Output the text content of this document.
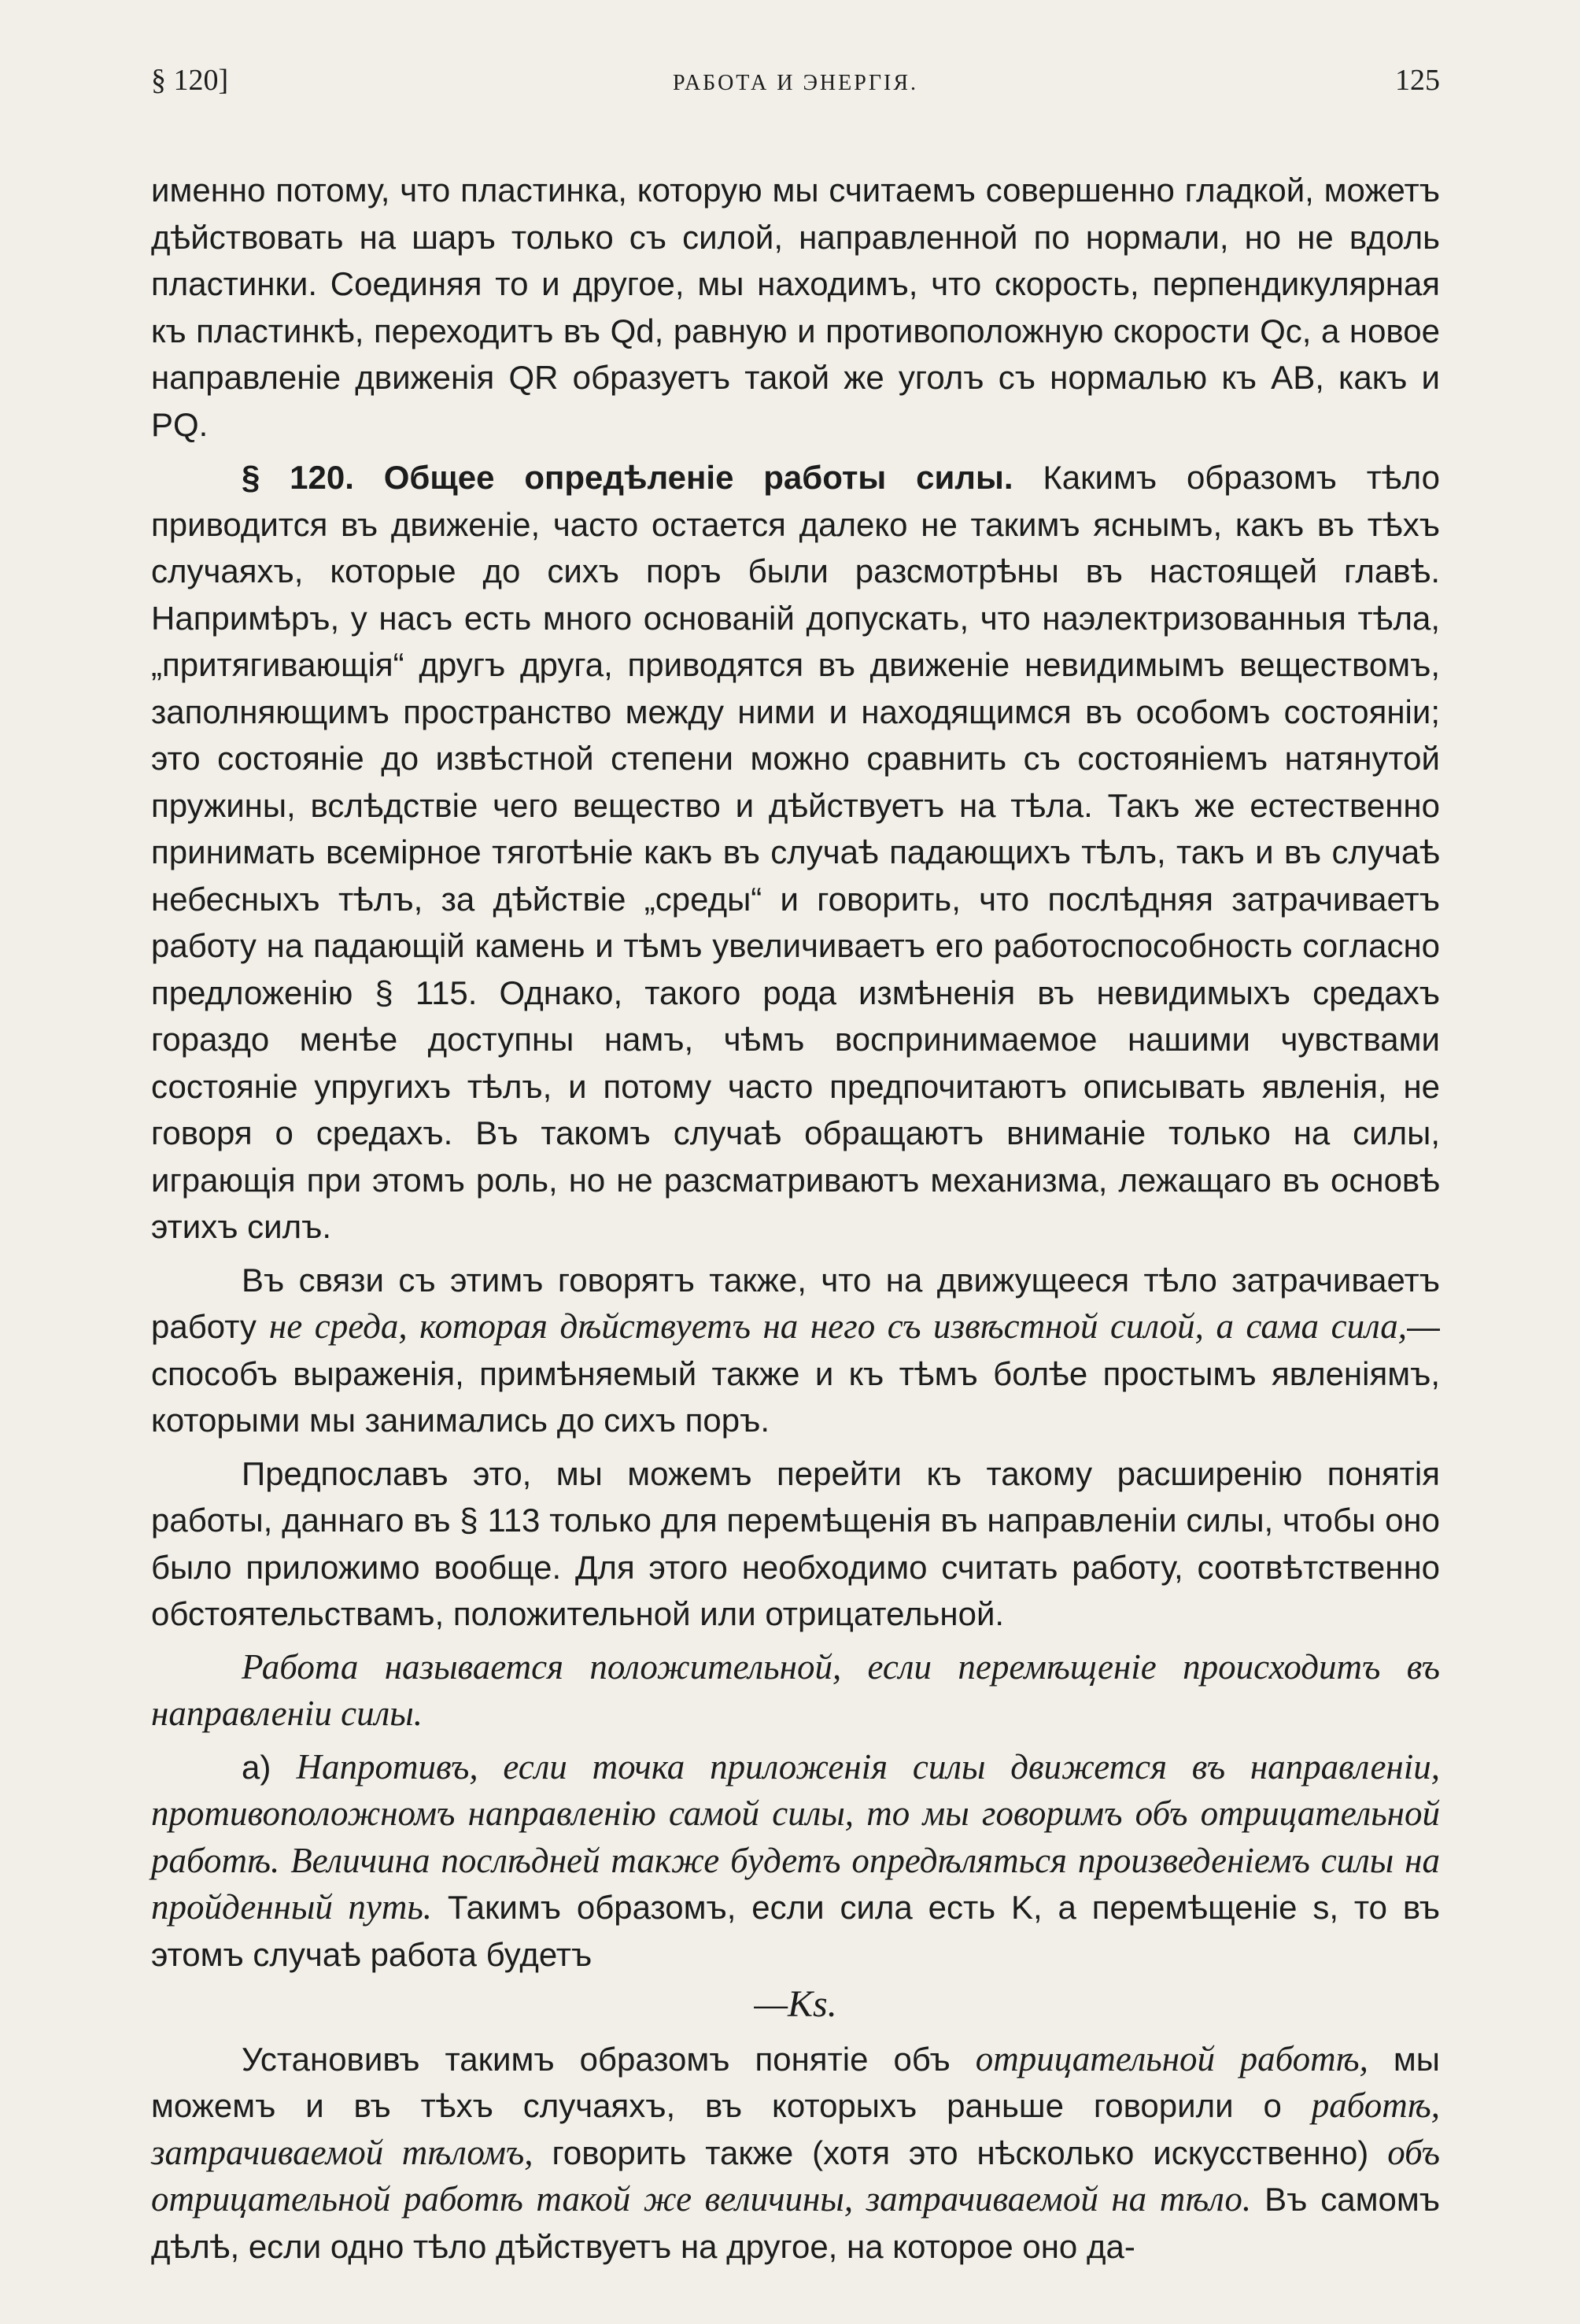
§ 120]	РАБОТА И ЭНЕРГІЯ.	125

именно потому, что пластинка, которую мы считаемъ совершенно гладкой, можетъ дѣйствовать на шаръ только съ силой, направленной по нормали, но не вдоль пластинки. Соединяя то и другое, мы находимъ, что скорость, перпендикулярная къ пластинкѣ, переходитъ въ Qd, равную и противоположную скорости Qc, а новое направленіе движенія QR образуетъ такой же уголъ съ нормалью къ AB, какъ и PQ.

§ 120. Общее опредѣленіе работы силы. Какимъ образомъ тѣло приводится въ движеніе, часто остается далеко не такимъ яснымъ, какъ въ тѣхъ случаяхъ, которые до сихъ поръ были разсмотрѣны въ настоящей главѣ. Напримѣръ, у насъ есть много основаній допускать, что наэлектризованныя тѣла, „притягивающія“ другъ друга, приводятся въ движеніе невидимымъ веществомъ, заполняющимъ пространство между ними и находящимся въ особомъ состояніи; это состояніе до извѣстной степени можно сравнить съ состояніемъ натянутой пружины, вслѣдствіе чего вещество и дѣйствуетъ на тѣла. Такъ же естественно принимать всемірное тяготѣніе какъ въ случаѣ падающихъ тѣлъ, такъ и въ случаѣ небесныхъ тѣлъ, за дѣйствіе „среды“ и говорить, что послѣдняя затрачиваетъ работу на падающій камень и тѣмъ увеличиваетъ его работоспособность согласно предложенію § 115. Однако, такого рода измѣненія въ невидимыхъ средахъ гораздо менѣе доступны намъ, чѣмъ воспринимаемое нашими чувствами состояніе упругихъ тѣлъ, и потому часто предпочитаютъ описывать явленія, не говоря о средахъ. Въ такомъ случаѣ обращаютъ вниманіе только на силы, играющія при этомъ роль, но не разсматриваютъ механизма, лежащаго въ основѣ этихъ силъ.

Въ связи съ этимъ говорятъ также, что на движущееся тѣло затрачиваетъ работу не среда, которая дѣйствуетъ на него съ извѣстной силой, а сама сила,—способъ выраженія, примѣняемый также и къ тѣмъ болѣе простымъ явленіямъ, которыми мы занимались до сихъ поръ.

Предпославъ это, мы можемъ перейти къ такому расширенію понятія работы, даннаго въ § 113 только для перемѣщенія въ направленіи силы, чтобы оно было приложимо вообще. Для этого необходимо считать работу, соотвѣтственно обстоятельствамъ, положительной или отрицательной.

Работа называется положительной, если перемѣщеніе происходитъ въ направленіи силы.

а) Напротивъ, если точка приложенія силы движется въ направленіи, противоположномъ направленію самой силы, то мы говоримъ объ отрицательной работѣ. Величина послѣдней также будетъ опредѣляться произведеніемъ силы на пройденный путь. Такимъ образомъ, если сила есть K, а перемѣщеніе s, то въ этомъ случаѣ работа будетъ

—Ks.

Установивъ такимъ образомъ понятіе объ отрицательной работѣ, мы можемъ и въ тѣхъ случаяхъ, въ которыхъ раньше говорили о работѣ, затрачиваемой тѣломъ, говорить также (хотя это нѣсколько искусственно) объ отрицательной работѣ такой же величины, затрачиваемой на тѣло. Въ самомъ дѣлѣ, если одно тѣло дѣйствуетъ на другое, на которое оно да-
